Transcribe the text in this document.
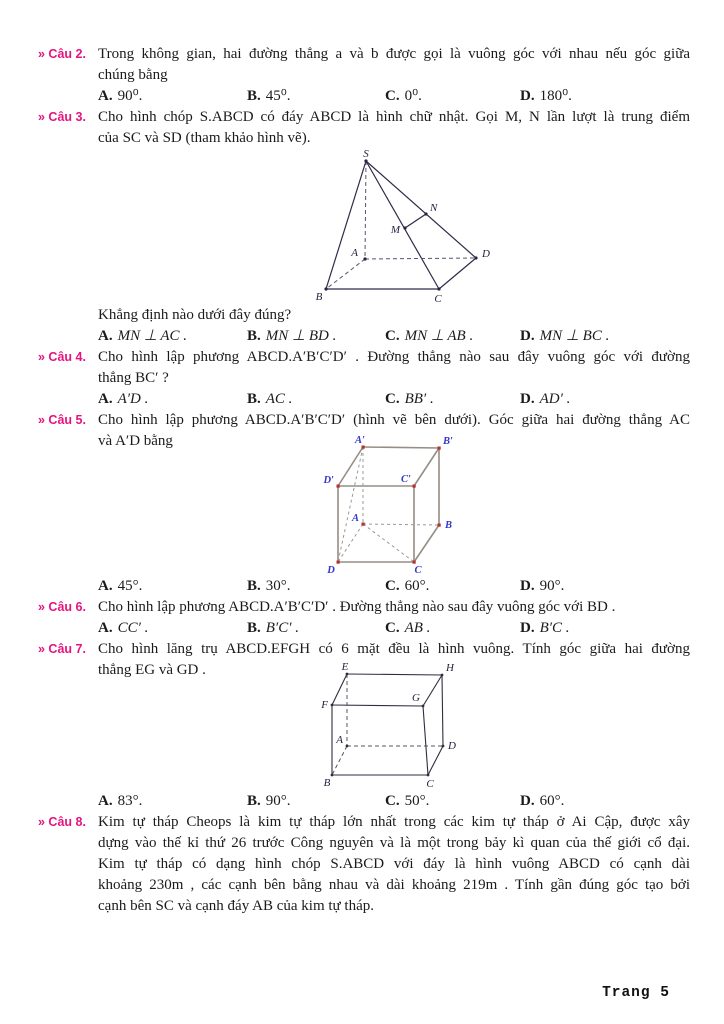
» Câu 2. Trong không gian, hai đường thẳng a và b được gọi là vuông góc với nhau nếu góc giữa
chúng bằng
A. 90⁰.	B. 45⁰.	C. 0⁰.	D. 180⁰.
» Câu 3. Cho hình chóp S.ABCD có đáy ABCD là hình chữ nhật. Gọi M, N lần lượt là trung điểm
của SC và SD (tham khảo hình vẽ).
S
A
B	C
D
M
N
Khẳng định nào dưới đây đúng?
A. MN ⊥ AC .	B. MN ⊥ BD .	C. MN ⊥ AB .	D. MN ⊥ BC .
» Câu 4. Cho hình lập phương ABCD.A′B′C′D′ . Đường thẳng nào sau đây vuông góc với đường
thẳng BC′ ?
A. A′D .	B. AC .	C. BB′ .	D. AD′ .
» Câu 5. Cho hình lập phương ABCD.A′B′C′D′ (hình vẽ bên dưới). Góc giữa hai đường thẳng AC
và A′D bằng	A′	B′
D′	C′
A
B
D	C
A. 45°.	B. 30°.	C. 60°.	D. 90°.
» Câu 6. Cho hình lập phương ABCD.A′B′C′D′ . Đường thẳng nào sau đây vuông góc với BD .
A. CC′ .	B. B′C′ .	C. AB .	D. B′C .
» Câu 7. Cho hình lăng trụ ABCD.EFGH có 6 mặt đều là hình vuông. Tính góc giữa hai đường
thẳng EG và GD .	E	H
F
G
A	D
B	C
A. 83°.	B. 90°.	C. 50°.	D. 60°.
» Câu 8. Kim tự tháp Cheops là kim tự tháp lớn nhất trong các kim tự tháp ở Ai Cập, được xây
dựng vào thế kỉ thứ 26 trước Công nguyên và là một trong bảy kì quan của thế giới cổ đại.
Kim tự tháp có dạng hình chóp S.ABCD với đáy là hình vuông ABCD có cạnh dài
khoảng 230m , các cạnh bên bằng nhau và dài khoảng 219m . Tính gần đúng góc tạo bởi
cạnh bên SC và cạnh đáy AB của kim tự tháp.
Trang 5
